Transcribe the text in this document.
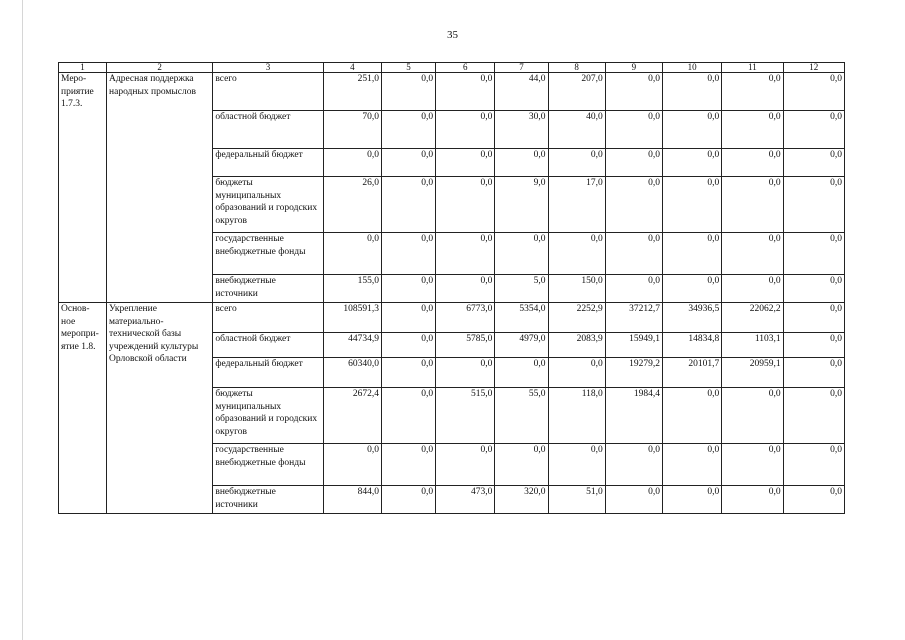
35
1	2	3	4	5	6	7	8	9	10	11	12

Меро-
приятие
1.7.3.	Адресная поддержка народных промыслов	всего	251,0	0,0	0,0	44,0	207,0	0,0	0,0	0,0	0,0
		областной бюджет	70,0	0,0	0,0	30,0	40,0	0,0	0,0	0,0	0,0
		федеральный бюджет	0,0	0,0	0,0	0,0	0,0	0,0	0,0	0,0	0,0
		бюджеты муниципальных образований и городских округов	26,0	0,0	0,0	9,0	17,0	0,0	0,0	0,0	0,0
		государственные внебюджетные фонды	0,0	0,0	0,0	0,0	0,0	0,0	0,0	0,0	0,0
		внебюджетные источники	155,0	0,0	0,0	5,0	150,0	0,0	0,0	0,0	0,0

Основ-
ное
меропри-
ятие 1.8.	Укрепление материально-технической базы учреждений культуры Орловской области	всего	108591,3	0,0	6773,0	5354,0	2252,9	37212,7	34936,5	22062,2	0,0
		областной бюджет	44734,9	0,0	5785,0	4979,0	2083,9	15949,1	14834,8	1103,1	0,0
		федеральный бюджет	60340,0	0,0	0,0	0,0	0,0	19279,2	20101,7	20959,1	0,0
		бюджеты муниципальных образований и городских округов	2672,4	0,0	515,0	55,0	118,0	1984,4	0,0	0,0	0,0
		государственные внебюджетные фонды	0,0	0,0	0,0	0,0	0,0	0,0	0,0	0,0	0,0
		внебюджетные источники	844,0	0,0	473,0	320,0	51,0	0,0	0,0	0,0	0,0
